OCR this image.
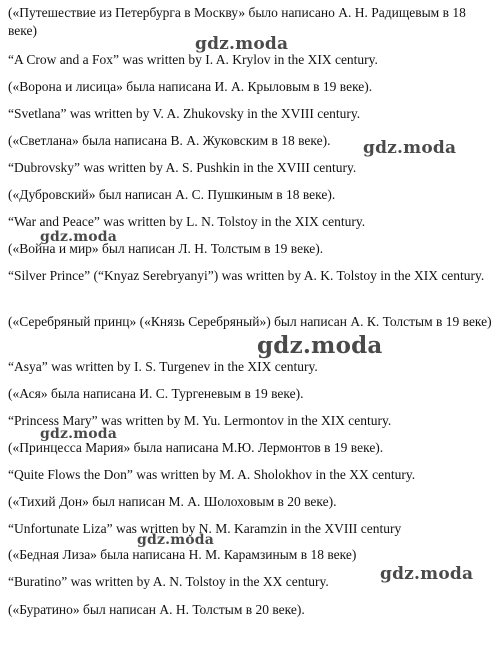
(«Путешествие из Петербурга в Москву» было написано А. Н. Радищевым в 18 веке)
“A Crow and a Fox” was written by I. A. Krylov in the XIX century.
(«Ворона и лисица» была написана И. А. Крыловым в 19 веке).
“Svetlana” was written by V. A. Zhukovsky in the XVIII century.
(«Светлана» была написана В. А. Жуковским в 18 веке).
“Dubrovsky” was written by A. S. Pushkin in the XVIII century.
(«Дубровский» был написан А. С. Пушкиным в 18 веке).
“War and Peace” was written by L. N. Tolstoy in the XIX century.
(«Война и мир» был написан Л. Н. Толстым в 19 веке).
“Silver Prince” (“Knyaz Serebryanyi”) was written by A. K. Tolstoy in the XIX century.
(«Серебряный принц» («Князь Серебряный») был написан А. К. Толстым в 19 веке)
“Asya” was written by I. S. Turgenev in the XIX century.
(«Ася» была написана И. С. Тургеневым в 19 веке).
“Princess Mary” was written by M. Yu. Lermontov in the XIX century.
(«Принцесса Мария» была написана М.Ю. Лермонтов в 19 веке).
“Quite Flows the Don” was written by M. A. Sholokhov in the XX century.
(«Тихий Дон» был написан М. А. Шолоховым в 20 веке).
“Unfortunate Liza” was written by N. M. Karamzin in the XVIII century
(«Бедная Лиза» была написана Н. М. Карамзиным в 18 веке)
“Buratino” was written by A. N. Tolstoy in the XX century.
(«Буратино» был написан А. Н. Толстым в 20 веке).
gdz.moda
gdz.moda
gdz.moda
gdz.moda
gdz.moda
gdz.moda
gdz.moda
